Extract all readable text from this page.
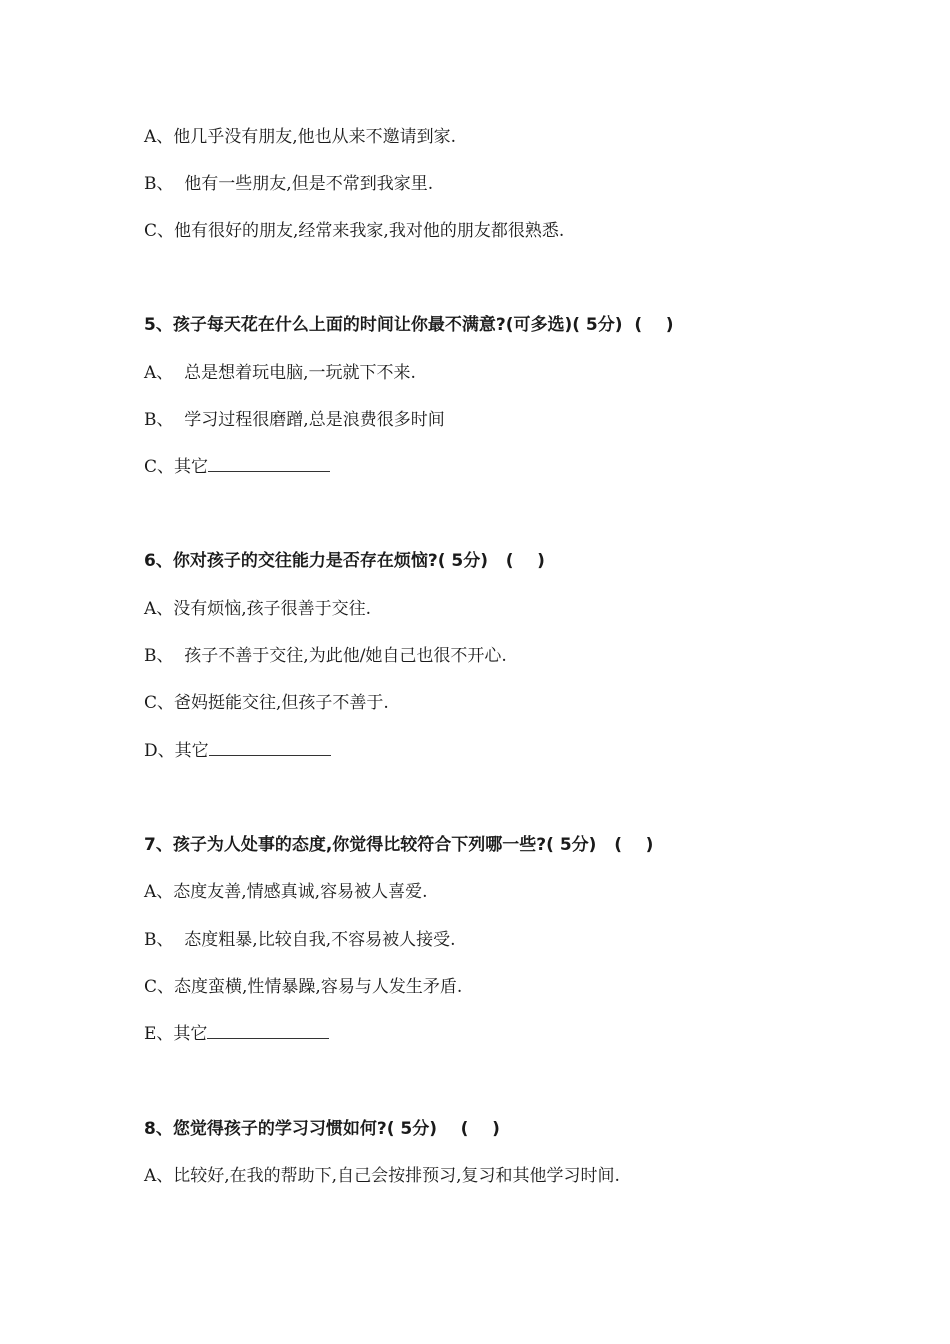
A、他几乎没有朋友,他也从来不邀请到家.
B、  他有一些朋友,但是不常到我家里.
C、他有很好的朋友,经常来我家,我对他的朋友都很熟悉.
5、孩子每天花在什么上面的时间让你最不满意?(可多选)( 5分)  (    )
A、  总是想着玩电脑,一玩就下不来.
B、  学习过程很磨蹭,总是浪费很多时间
C、其它
6、你对孩子的交往能力是否存在烦恼?( 5分)   (    )
A、没有烦恼,孩子很善于交往.
B、  孩子不善于交往,为此他/她自己也很不开心.
C、爸妈挺能交往,但孩子不善于.
D、其它
7、孩子为人处事的态度,你觉得比较符合下列哪一些?( 5分)   (    )
A、态度友善,情感真诚,容易被人喜爱.
B、  态度粗暴,比较自我,不容易被人接受.
C、态度蛮横,性情暴躁,容易与人发生矛盾.
E、其它
8、您觉得孩子的学习习惯如何?( 5分)    (    )
A、比较好,在我的帮助下,自己会按排预习,复习和其他学习时间.
